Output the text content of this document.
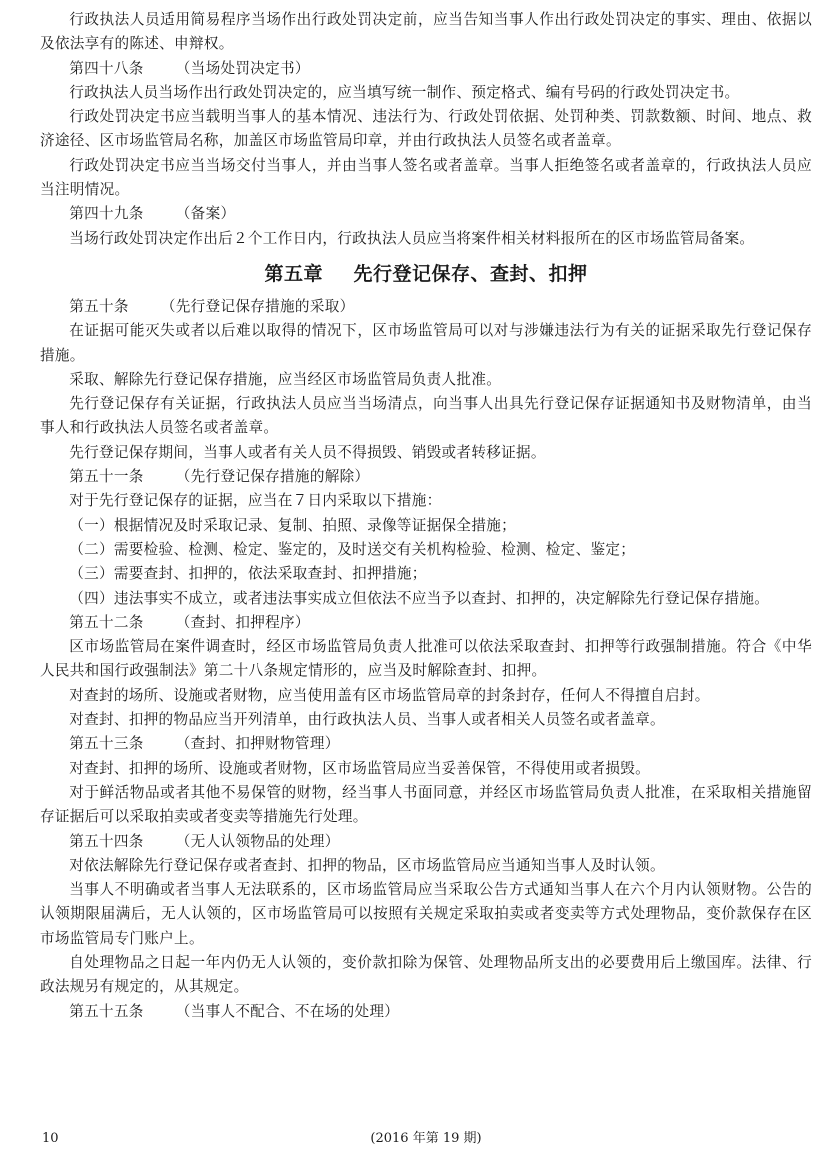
行政执法人员适用简易程序当场作出行政处罚决定前，应当告知当事人作出行政处罚决定的事实、理由、依据以及依法享有的陈述、申辩权。

第四十八条 （当场处罚决定书）

行政执法人员当场作出行政处罚决定的，应当填写统一制作、预定格式、编有号码的行政处罚决定书。

行政处罚决定书应当载明当事人的基本情况、违法行为、行政处罚依据、处罚种类、罚款数额、时间、地点、救济途径、区市场监管局名称，加盖区市场监管局印章，并由行政执法人员签名或者盖章。

行政处罚决定书应当当场交付当事人，并由当事人签名或者盖章。当事人拒绝签名或者盖章的，行政执法人员应当注明情况。

第四十九条 （备案）

当场行政处罚决定作出后２个工作日内，行政执法人员应当将案件相关材料报所在的区市场监管局备案。

第五章 先行登记保存、查封、扣押

第五十条 （先行登记保存措施的采取）

在证据可能灭失或者以后难以取得的情况下，区市场监管局可以对与涉嫌违法行为有关的证据采取先行登记保存措施。

采取、解除先行登记保存措施，应当经区市场监管局负责人批准。

先行登记保存有关证据，行政执法人员应当当场清点，向当事人出具先行登记保存证据通知书及财物清单，由当事人和行政执法人员签名或者盖章。

先行登记保存期间，当事人或者有关人员不得损毁、销毁或者转移证据。

第五十一条 （先行登记保存措施的解除）

对于先行登记保存的证据，应当在７日内采取以下措施：

（一）根据情况及时采取记录、复制、拍照、录像等证据保全措施；

（二）需要检验、检测、检定、鉴定的，及时送交有关机构检验、检测、检定、鉴定；

（三）需要查封、扣押的，依法采取查封、扣押措施；

（四）违法事实不成立，或者违法事实成立但依法不应当予以查封、扣押的，决定解除先行登记保存措施。

第五十二条 （查封、扣押程序）

区市场监管局在案件调查时，经区市场监管局负责人批准可以依法采取查封、扣押等行政强制措施。符合《中华人民共和国行政强制法》第二十八条规定情形的，应当及时解除查封、扣押。

对查封的场所、设施或者财物，应当使用盖有区市场监管局章的封条封存，任何人不得擅自启封。

对查封、扣押的物品应当开列清单，由行政执法人员、当事人或者相关人员签名或者盖章。

第五十三条 （查封、扣押财物管理）

对查封、扣押的场所、设施或者财物，区市场监管局应当妥善保管，不得使用或者损毁。

对于鲜活物品或者其他不易保管的财物，经当事人书面同意，并经区市场监管局负责人批准，在采取相关措施留存证据后可以采取拍卖或者变卖等措施先行处理。

第五十四条 （无人认领物品的处理）

对依法解除先行登记保存或者查封、扣押的物品，区市场监管局应当通知当事人及时认领。

当事人不明确或者当事人无法联系的，区市场监管局应当采取公告方式通知当事人在六个月内认领财物。公告的认领期限届满后，无人认领的，区市场监管局可以按照有关规定采取拍卖或者变卖等方式处理物品，变价款保存在区市场监管局专门账户上。

自处理物品之日起一年内仍无人认领的，变价款扣除为保管、处理物品所支出的必要费用后上缴国库。法律、行政法规另有规定的，从其规定。

第五十五条 （当事人不配合、不在场的处理）

10	(2016 年第 19 期)
